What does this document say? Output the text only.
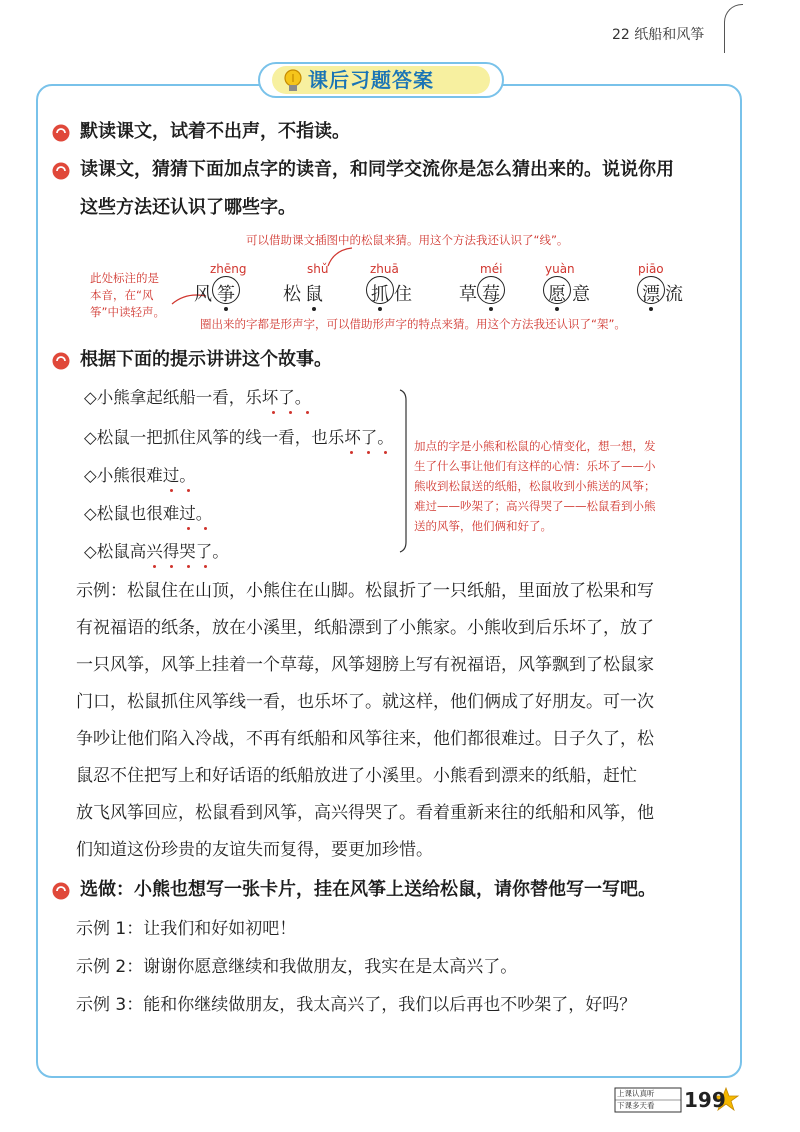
22 纸船和风筝
课后习题答案
默读课文，试着不出声，不指读。
读课文，猜猜下面加点字的读音，和同学交流你是怎么猜出来的。说说你用
这些方法还认识了哪些字。
可以借助课文插图中的松鼠来猜。用这个方法我还认识了“线”。
此处标注的是
本音，在“风
筝”中读轻声。
zhēng
风 筝
shǔ
松 鼠
zhuā
抓 住
méi
草 莓
yuàn
愿 意
piāo
漂 流
圈出来的字都是形声字，可以借助形声字的特点来猜。用这个方法我还认识了“架”。
根据下面的提示讲讲这个故事。
◇小熊拿起纸船一看，乐坏了。
◇松鼠一把抓住风筝的线一看，也乐坏了。
◇小熊很难过。
◇松鼠也很难过。
◇松鼠高兴得哭了。
加点的字是小熊和松鼠的心情变化，想一想，发
生了什么事让他们有这样的心情：乐坏了——小
熊收到松鼠送的纸船，松鼠收到小熊送的风筝；
难过——吵架了；高兴得哭了——松鼠看到小熊
送的风筝，他们俩和好了。
示例：松鼠住在山顶，小熊住在山脚。松鼠折了一只纸船，里面放了松果和写
有祝福语的纸条，放在小溪里，纸船漂到了小熊家。小熊收到后乐坏了，放了
一只风筝，风筝上挂着一个草莓，风筝翅膀上写有祝福语，风筝飘到了松鼠家
门口，松鼠抓住风筝线一看，也乐坏了。就这样，他们俩成了好朋友。可一次
争吵让他们陷入冷战，不再有纸船和风筝往来，他们都很难过。日子久了，松
鼠忍不住把写上和好话语的纸船放进了小溪里。小熊看到漂来的纸船，赶忙
放飞风筝回应，松鼠看到风筝，高兴得哭了。看着重新来往的纸船和风筝，他
们知道这份珍贵的友谊失而复得，要更加珍惜。
选做：小熊也想写一张卡片，挂在风筝上送给松鼠，请你替他写一写吧。
示例 1：让我们和好如初吧！
示例 2：谢谢你愿意继续和我做朋友，我实在是太高兴了。
示例 3：能和你继续做朋友，我太高兴了，我们以后再也不吵架了，好吗？
上课认真听
下课多天看 199
